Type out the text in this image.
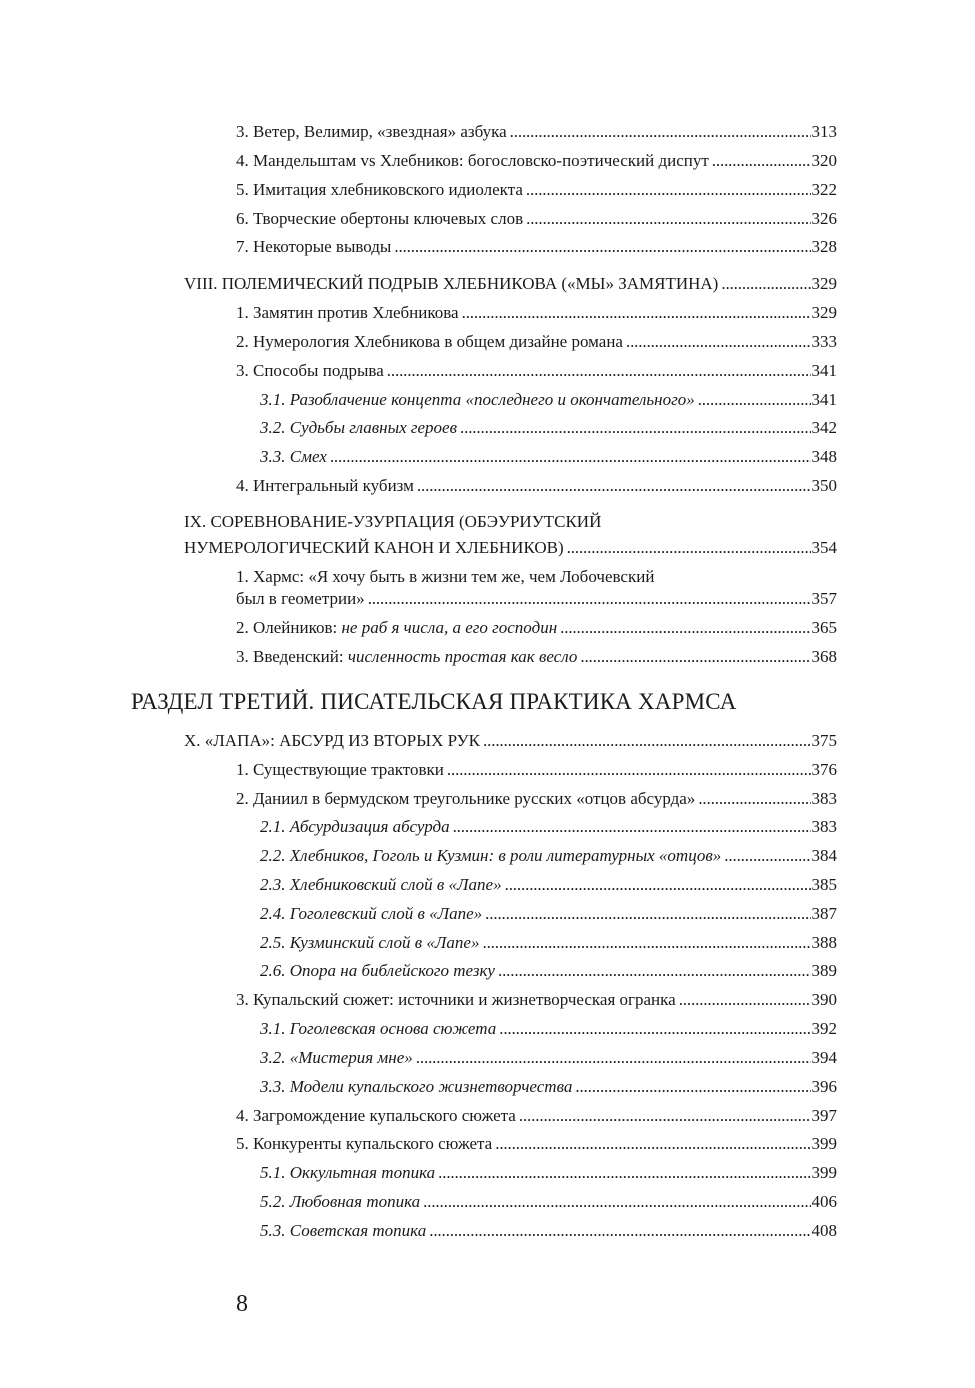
3. Ветер, Велимир, «звездная» азбука . . .	313
4. Мандельштам vs Хлебников: богословско-поэтический диспут . . .	320
5. Имитация хлебниковского идиолекта . . .	322
6. Творческие обертоны ключевых слов . . .	326
7. Некоторые выводы . . .	328
VIII. ПОЛЕМИЧЕСКИЙ ПОДРЫВ ХЛЕБНИКОВА («МЫ» ЗАМЯТИНА) . . .	329
1. Замятин против Хлебникова . . .	329
2. Нумерология Хлебникова в общем дизайне романа . . .	333
3. Способы подрыва . . .	341
3.1. Разоблачение концепта «последнего и окончательного» . . .	341
3.2. Судьбы главных героев . . .	342
3.3. Смех . . .	348
4. Интегральный кубизм . . .	350
IX. СОРЕВНОВАНИЕ-УЗУРПАЦИЯ (ОБЭУРИУТСКИЙ
НУМЕРОЛОГИЧЕСКИЙ КАНОН И ХЛЕБНИКОВ) . . .	354
1. Хармс: «Я хочу быть в жизни тем же, чем Лобочевский
был в геометрии» . . .	357
2. Олейников: не раб я числа, а его господин . . .	365
3. Введенский: численность простая как весло . . .	368
РАЗДЕЛ ТРЕТИЙ. ПИСАТЕЛЬСКАЯ ПРАКТИКА ХАРМСА
X. «ЛАПА»: АБСУРД ИЗ ВТОРЫХ РУК . . .	375
1. Существующие трактовки . . .	376
2. Даниил в бермудском треугольнике русских «отцов абсурда» . . .	383
2.1. Абсурдизация абсурда . . .	383
2.2. Хлебников, Гоголь и Кузмин: в роли литературных «отцов» . . .	384
2.3. Хлебниковский слой в «Лапе» . . .	385
2.4. Гоголевский слой в «Лапе» . . .	387
2.5. Кузминский слой в «Лапе» . . .	388
2.6. Опора на библейского тезку . . .	389
3. Купальский сюжет: источники и жизнетворческая огранка . . .	390
3.1. Гоголевская основа сюжета . . .	392
3.2. «Мистерия мне» . . .	394
3.3. Модели купальского жизнетворчества . . .	396
4. Загромождение купальского сюжета . . .	397
5. Конкуренты купальского сюжета . . .	399
5.1. Оккультная топика . . .	399
5.2. Любовная топика . . .	406
5.3. Советская топика . . .	408
8
